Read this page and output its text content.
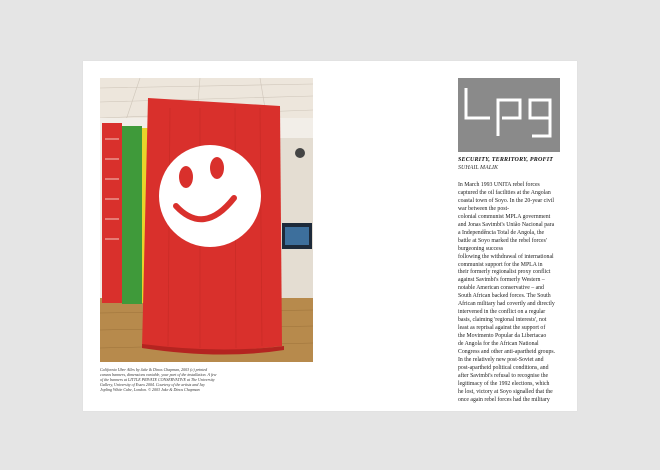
California Uber Alles by Jake & Dinos Chapman, 2003 (c) printed
canvas banners, dimensions variable, your part of the installation. A few
of the banners at LITTLE PRIVATE CONSERVATIVE at The University
Gallery, University of Essex 2004. Courtesy of the artists and Jay
Jopling White Cube, London. © 2003 Jake & Dinos Chapman
SECURITY, TERRITORY, PROFIT
SUHAIL MALIK
In March 1993 UNITA rebel forces
captured the oil facilities at the Angolan
coastal town of Soyo. In the 20-year civil
war between the post-
colonial communist MPLA government
and Jonas Savimbi's União Nacional para
a Independência Total de Angola, the
battle at Soyo marked the rebel forces'
burgeoning success
following the withdrawal of international
communist support for the MPLA in
their formerly regionalist proxy conflict
against Savimbi's formerly Western –
notable American conservative – and
South African backed forces. The South
African military had covertly and directly
intervened in the conflict on a regular
basis, claiming 'regional interests', not
least as reprisal against the support of
the Movimento Popular da Libertacao
de Angola for the African National
Congress and other anti-apartheid groups.
In the relatively new post-Soviet and
post-apartheid political conditions, and
after Savimbi's refusal to recognise the
legitimacy of the 1992 elections, which
he lost, victory at Soyo signalled that the
once again rebel forces had the military
